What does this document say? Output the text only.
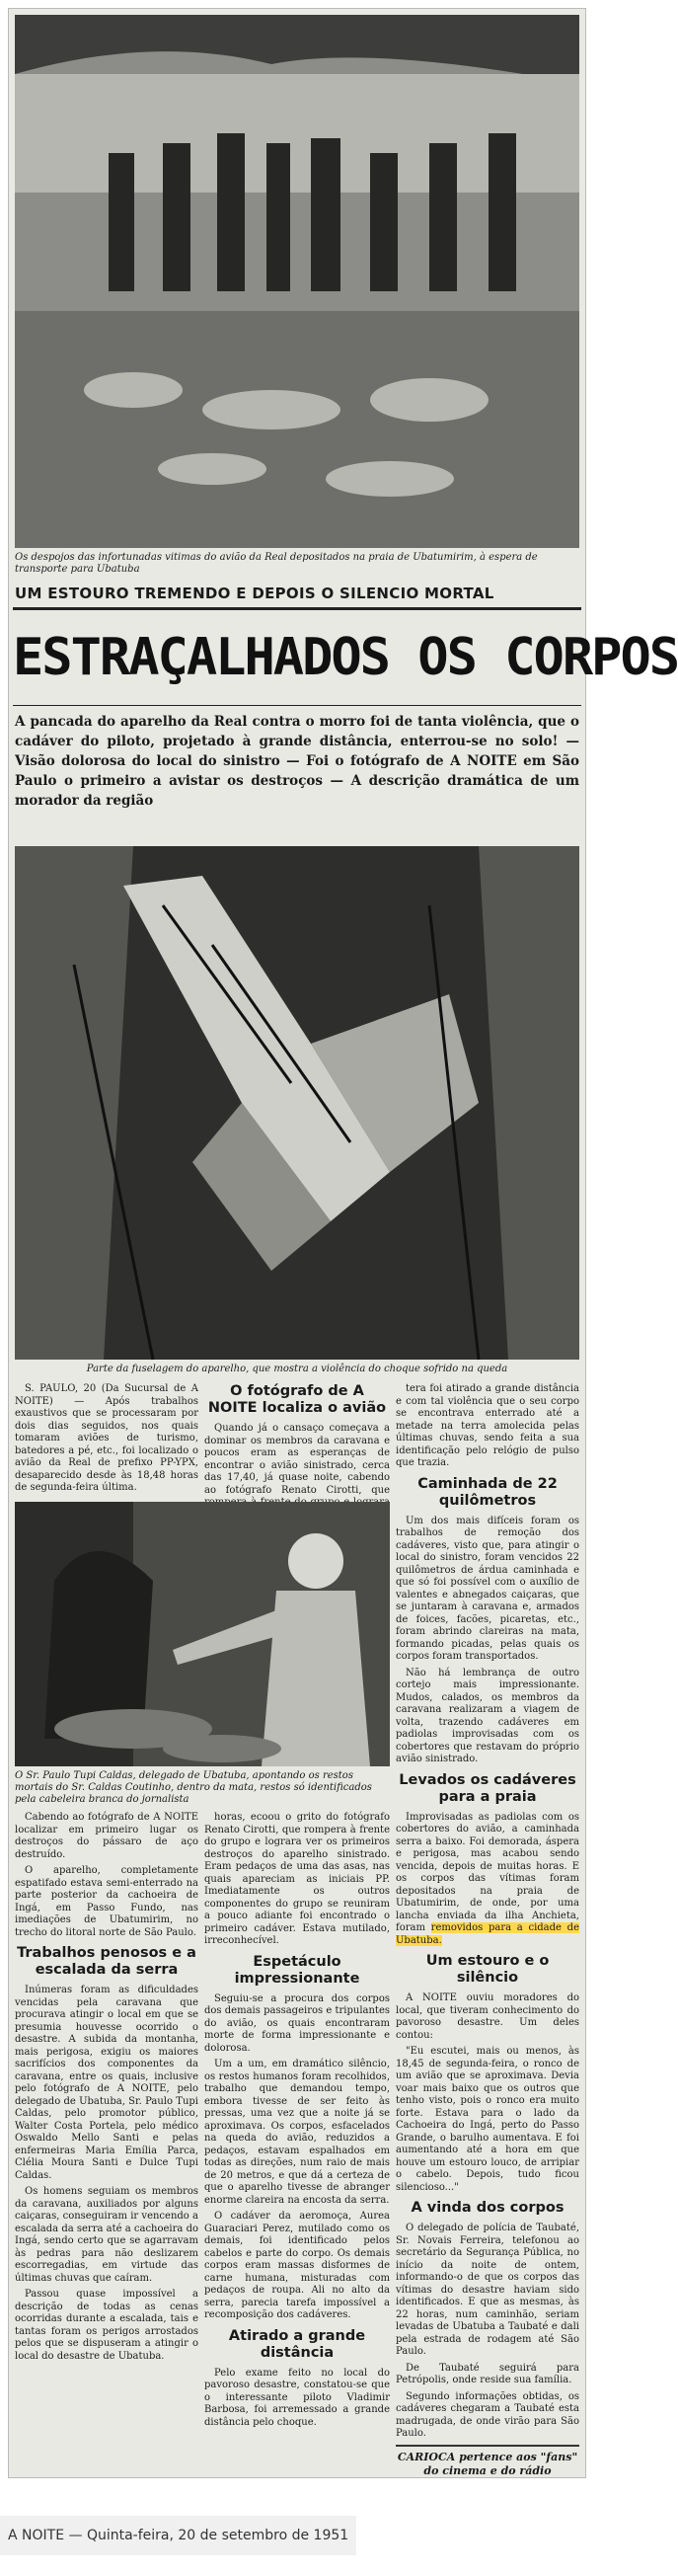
Os despojos das infortunadas vitimas do avião da Real depositados na praia de Ubatumirim, à espera de transporte para Ubatuba
UM ESTOURO TREMENDO E DEPOIS O SILENCIO MORTAL
ESTRAÇALHADOS OS CORPOS
A pancada do aparelho da Real contra o morro foi de tanta violência, que o cadáver do piloto, projetado à grande distância, enterrou-se no solo! — Visão dolorosa do local do sinistro — Foi o fotógrafo de A NOITE em São Paulo o primeiro a avistar os destroços — A descrição dramática de um morador da região
Parte da fuselagem do aparelho, que mostra a violência do choque sofrido na queda

S. PAULO, 20 (Da Sucursal de A NOITE) — Após trabalhos exaustivos que se processaram por dois dias seguidos, nos quais tomaram aviões de turismo, batedores a pé, etc., foi localizado o avião da Real de prefixo PP-YPX, desaparecido desde às 18,48 horas de segunda-feira última.

O fotógrafo de A NOITE localiza o avião

Quando já o cansaço começava a dominar os membros da caravana e poucos eram as esperanças de encontrar o avião sinistrado, cerca das 17,40, já quase noite, cabendo ao fotógrafo Renato Cirotti, que

tera foi atirado a grande distância e com tal violência que o seu corpo se encontrava enterrado até a metade na terra amolecida pelas últimas chuvas, sendo feita a sua identificação pelo relógio de pulso que trazia.

Caminhada de 22 quilômetros

Um dos mais difíceis foram os trabalhos de remoção dos cadáveres, visto que, para atingir o local do sinistro, foram vencidos 22 quilômetros de árdua caminhada e que só foi possível com o auxílio de valentes e abnegados caiçaras, que se juntaram à caravana e, armados de foices, facões, picaretas, etc., foram abrindo clareiras na mata, formando picadas, pelas quais os corpos foram transportados.

Não há lembrança de outro cortejo mais impressionante. Mudos, calados, os membros da caravana realizaram a viagem de volta, trazendo cadáveres em padiolas improvisadas com os cobertores que restavam do próprio avião sinistrado.

Levados os cadáveres para a praia

Improvisadas as padiolas com os cobertores do avião, a caminhada serra a baixo. Foi demorada, áspera e perigosa, mas acabou sendo vencida, depois de muitas horas. E os corpos das vítimas foram depositados na praia de Ubatumirim, de onde, por uma lancha enviada da ilha Anchieta, foram removidos para a cidade de Ubatuba.

Um estouro e o silêncio

A NOITE ouviu moradores do local, que tiveram conhecimento do pavoroso desastre. Um deles contou:

"Eu escutei, mais ou menos, às 18,45 de segunda-feira, o ronco de um avião que se aproximava. Devia voar mais baixo que os outros que tenho visto, pois o ronco era muito forte. Estava para o lado da Cachoeira do Ingá, perto do Passo Grande, o barulho aumentava. E foi aumentando até a hora em que houve um estouro louco, de arripiar o cabelo. Depois, tudo ficou silencioso..."

A vinda dos corpos

O delegado de polícia de Taubaté, Sr. Novais Ferreira, telefonou ao secretário da Segurança Pública, no início da noite de ontem, informando-o de que os corpos das vítimas do desastre haviam sido identificados. E que as mesmas, às 22 horas, num caminhão, seriam levadas de Ubatuba a Taubaté e dali pela estrada de rodagem até São Paulo.

De Taubaté seguirá para Petrópolis, onde reside sua família.

Segundo informações obtidas, os cadáveres chegaram a Taubaté esta madrugada, de onde virão para São Paulo.

CARIOCA pertence aos "fans" do cinema e do rádio
O Sr. Paulo Tupi Caldas, delegado de Ubatuba, apontando os restos mortais do Sr. Caldas Coutinho, dentro da mata, restos só identificados pela cabeleira branca do jornalista

Cabendo ao fotógrafo de A NOITE localizar em primeiro lugar os destroços do pássaro de aço destruído.

O aparelho, completamente espatifado estava semi-enterrado na parte posterior da cachoeira de Ingá, em Passo Fundo, nas imediações de Ubatumirim, no trecho do litoral norte de São Paulo.

Trabalhos penosos e a escalada da serra

Inúmeras foram as dificuldades vencidas pela caravana que procurava atingir o local em que se presumia houvesse ocorrido o desastre. A subida da montanha, mais perigosa, exigiu os maiores sacrifícios dos componentes da caravana, entre os quais, inclusive pelo fotógrafo de A NOITE, pelo delegado de Ubatuba, Sr. Paulo Tupi Caldas, pelo promotor público, Walter Costa Portela, pelo médico Oswaldo Mello Santi e pelas enfermeiras Maria Emília Parca, Clélia Moura Santi e Dulce Tupi Caldas.

Os homens seguiam os membros da caravana, auxiliados por alguns caiçaras, conseguiram ir vencendo a escalada da serra até a cachoeira do Ingá, sendo certo que se agarravam às pedras para não deslizarem escorregadias, em virtude das últimas chuvas que caíram.

Passou quase impossível a descrição de todas as cenas ocorridas durante a escalada, tais e tantas foram os perigos arrostados pelos que se dispuseram a atingir o local do desastre de Ubatuba.

horas, ecoou o grito do fotógrafo Renato Cirotti, que rompera à frente do grupo e lograra ver os primeiros destroços do aparelho sinistrado. Eram pedaços de uma das asas, nas quais apareciam as iniciais PP. Imediatamente os outros componentes do grupo se reuniram a pouco adiante foi encontrado o primeiro cadáver. Estava mutilado, irreconhecível.

Espetáculo impressionante

Seguiu-se a procura dos corpos dos demais passageiros e tripulantes do avião, os quais encontraram morte de forma impressionante e dolorosa.

Um a um, em dramático silêncio, os restos humanos foram recolhidos, trabalho que demandou tempo, embora tivesse de ser feito às pressas, uma vez que a noite já se aproximava. Os corpos, esfacelados na queda do avião, reduzidos a pedaços, estavam espalhados em todas as direções, num raio de mais de 20 metros, e que dá a certeza de que o aparelho tivesse de abranger enorme clareira na encosta da serra.

O cadáver da aeromoça, Aurea Guaraciari Perez, mutilado como os demais, foi identificado pelos cabelos e parte do corpo. Os demais corpos eram massas disformes de carne humana, misturadas com pedaços de roupa. Ali no alto da serra, parecia tarefa impossível a recomposição dos cadáveres.

Atirado a grande distância

Pelo exame feito no local do pavoroso desastre, constatou-se que o interessante piloto Vladimir Barbosa, foi arremessado a grande distância pelo choque.

A NOITE — Quinta-feira, 20 de setembro de 1951
